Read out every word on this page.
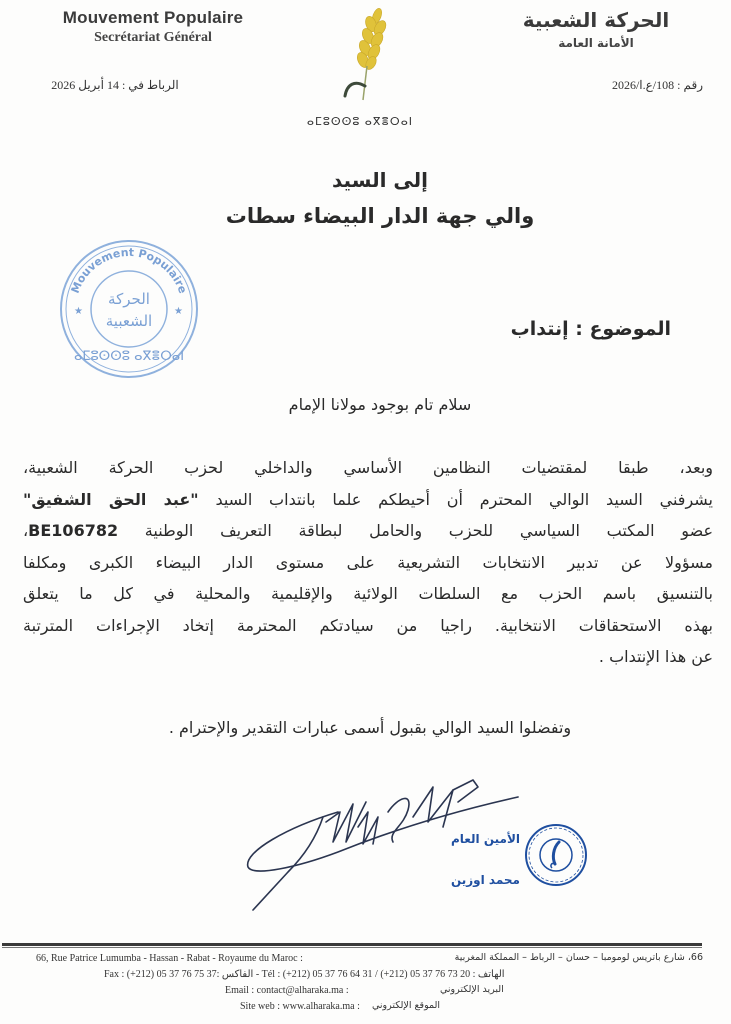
Mouvement Populaire
Secrétariat Général
الرباط في : 14 أبريل 2026
الحركة الشعبية
الأمانة العامة
رقم : 108/ع.ا/2026
ⴰⵎⵓⵙⵙⵓ ⴰⴳⴻⵔⴰⵏ
إلى السيد
والي جهة الدار البيضاء سطات
Mouvement Populaire
★	★
الحركة
الشعبية
ⴰⵎⵓⵙⵙⵓ ⴰⴳⴻⵔⴰⵏ
الموضوع : إنتداب
سلام تام بوجود مولانا الإمام

وبعد، طبقا لمقتضيات النظامين الأساسي والداخلي لحزب الحركة الشعبية،

يشرفني السيد الوالي المحترم أن أحيطكم علما بانتداب السيد "عبد الحق الشفيق"

عضو المكتب السياسي للحزب والحامل لبطاقة التعريف الوطنية BE106782،

مسؤولا عن تدبير الانتخابات التشريعية على مستوى الدار البيضاء الكبرى ومكلفا

بالتنسيق باسم الحزب مع السلطات الولائية والإقليمية والمحلية في كل ما يتعلق

بهذه الاستحقاقات الانتخابية. راجيا من سيادتكم المحترمة إتخاد الإجراءات المترتبة

عن هذا الإنتداب .

وتفضلوا السيد الوالي بقبول أسمى عبارات التقدير والإحترام .
الأمين العام
محمد اوزين
66, Rue Patrice Lumumba - Hassan - Rabat - Royaume du Maroc :	66، شارع باتريس لومومبا – حسان – الرباط – المملكة المغربية
Fax : (+212) 05 37 76 75 37: الفاكس - Tél : (+212) 05 37 76 64 31 / (+212) 05 37 76 73 20 : الهاتف
Email : contact@alharaka.ma :	البريد الإلكتروني
Site web : www.alharaka.ma : الموقع الإلكتروني
